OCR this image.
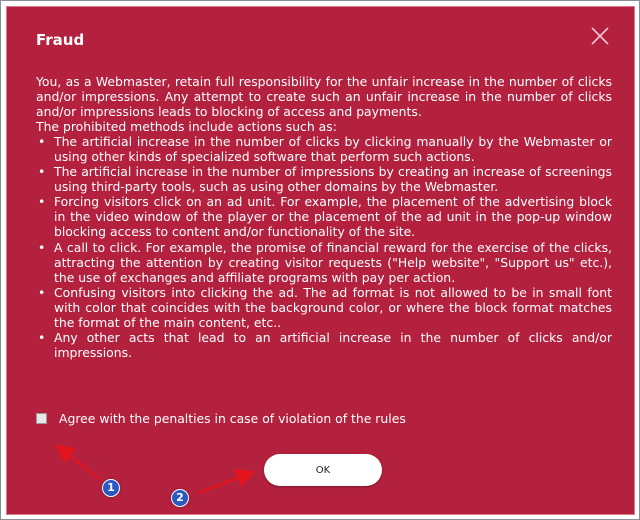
Fraud

You, as a Webmaster, retain full responsibility for the unfair increase in the number of clicks and/or impressions. Any attempt to create such an unfair increase in the number of clicks and/or impressions leads to blocking of access and payments.

The prohibited methods include actions such as:

• The artificial increase in the number of clicks by clicking manually by the Webmaster or using other kinds of specialized software that perform such actions.
• The artificial increase in the number of impressions by creating an increase of screenings using third-party tools, such as using other domains by the Webmaster.
• Forcing visitors click on an ad unit. For example, the placement of the advertising block in the video window of the player or the placement of the ad unit in the pop-up window blocking access to content and/or functionality of the site.
• A call to click. For example, the promise of financial reward for the exercise of the clicks, attracting the attention by creating visitor requests ("Help website", "Support us" etc.), the use of exchanges and affiliate programs with pay per action.
• Confusing visitors into clicking the ad. The ad format is not allowed to be in small font with color that coincides with the background color, or where the block format matches the format of the main content, etc..
• Any other acts that lead to an artificial increase in the number of clicks and/or impressions.
Agree with the penalties in case of violation of the rules
OK
1
2
